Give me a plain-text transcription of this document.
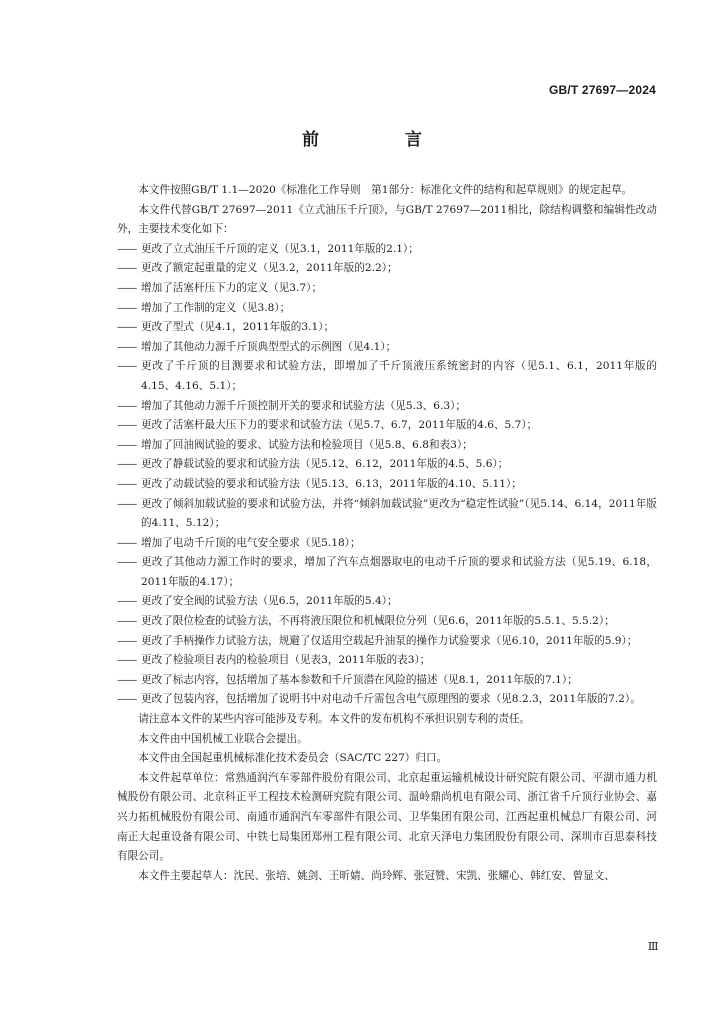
GB/T 27697—2024
前 言

本文件按照GB/T 1.1—2020《标准化工作导则　第1部分：标准化文件的结构和起草规则》的规定起草。

本文件代替GB/T 27697—2011《立式油压千斤顶》，与GB/T 27697—2011相比，除结构调整和编辑性改动外，主要技术变化如下：

—— 更改了立式油压千斤顶的定义（见3.1，2011年版的2.1）；
—— 更改了额定起重量的定义（见3.2，2011年版的2.2）；
—— 增加了活塞杆压下力的定义（见3.7）；
—— 增加了工作制的定义（见3.8）；
—— 更改了型式（见4.1，2011年版的3.1）；
—— 增加了其他动力源千斤顶典型型式的示例图（见4.1）；
—— 更改了千斤顶的目测要求和试验方法，即增加了千斤顶液压系统密封的内容（见5.1、6.1，2011年版的4.15、4.16、5.1）；
—— 增加了其他动力源千斤顶控制开关的要求和试验方法（见5.3、6.3）；
—— 更改了活塞杆最大压下力的要求和试验方法（见5.7、6.7，2011年版的4.6、5.7）；
—— 增加了回油阀试验的要求、试验方法和检验项目（见5.8、6.8和表3）；
—— 更改了静载试验的要求和试验方法（见5.12、6.12，2011年版的4.5、5.6）；
—— 更改了动载试验的要求和试验方法（见5.13、6.13，2011年版的4.10、5.11）；
—— 更改了倾斜加载试验的要求和试验方法，并将“倾斜加载试验”更改为“稳定性试验”（见5.14、6.14，2011年版的4.11、5.12）；
—— 增加了电动千斤顶的电气安全要求（见5.18）；
—— 更改了其他动力源工作时的要求，增加了汽车点烟器取电的电动千斤顶的要求和试验方法（见5.19、6.18，2011年版的4.17）；
—— 更改了安全阀的试验方法（见6.5，2011年版的5.4）；
—— 更改了限位检查的试验方法，不再将液压限位和机械限位分列（见6.6，2011年版的5.5.1、5.5.2）；
—— 更改了手柄操作力试验方法，规避了仅适用空载起升油泵的操作力试验要求（见6.10，2011年版的5.9）；
—— 更改了检验项目表内的检验项目（见表3，2011年版的表3）；
—— 更改了标志内容，包括增加了基本参数和千斤顶潜在风险的描述（见8.1，2011年版的7.1）；
—— 更改了包装内容，包括增加了说明书中对电动千斤需包含电气原理图的要求（见8.2.3，2011年版的7.2）。

请注意本文件的某些内容可能涉及专利。本文件的发布机构不承担识别专利的责任。

本文件由中国机械工业联合会提出。

本文件由全国起重机械标准化技术委员会（SAC/TC 227）归口。

本文件起草单位：常熟通润汽车零部件股份有限公司、北京起重运输机械设计研究院有限公司、平湖市通力机械股份有限公司、北京科正平工程技术检测研究院有限公司、温岭鼎尚机电有限公司、浙江省千斤顶行业协会、嘉兴力拓机械股份有限公司、南通市通润汽车零部件有限公司、卫华集团有限公司、江西起重机械总厂有限公司、河南正大起重设备有限公司、中铁七局集团郑州工程有限公司、北京天泽电力集团股份有限公司、深圳市百思泰科技有限公司。

本文件主要起草人：沈民、张培、姚剑、王昕婧、尚玲辉、张冠赞、宋凯、张耀心、韩红安、曾显文、

Ⅲ
